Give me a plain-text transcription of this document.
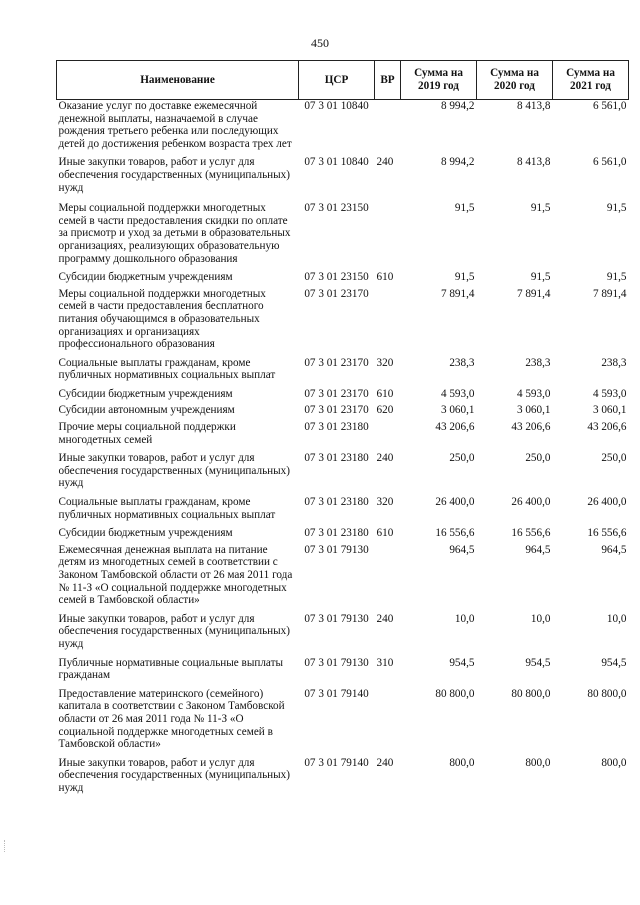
450
Наименование	ЦСР	ВР	Сумма на 2019 год	Сумма на 2020 год	Сумма на 2021 год
Оказание услуг по доставке ежемесячной денежной выплаты, назначаемой в случае рождения третьего ребенка или последующих детей до достижения ребенком возраста трех лет	07 3 01 10840		8 994,2	8 413,8	6 561,0

Иные закупки товаров, работ и услуг для обеспечения государственных (муниципальных) нужд	07 3 01 10840	240	8 994,2	8 413,8	6 561,0

Меры социальной поддержки многодетных семей в части предоставления скидки по оплате за присмотр и уход за детьми в образовательных организациях, реализующих образовательную программу дошкольного образования	07 3 01 23150		91,5	91,5	91,5

Субсидии бюджетным учреждениям	07 3 01 23150	610	91,5	91,5	91,5

Меры социальной поддержки многодетных семей в части предоставления бесплатного питания обучающимся в образовательных организациях и организациях профессионального образования	07 3 01 23170		7 891,4	7 891,4	7 891,4

Социальные выплаты гражданам, кроме публичных нормативных социальных выплат	07 3 01 23170	320	238,3	238,3	238,3

Субсидии бюджетным учреждениям	07 3 01 23170	610	4 593,0	4 593,0	4 593,0

Субсидии автономным учреждениям	07 3 01 23170	620	3 060,1	3 060,1	3 060,1

Прочие меры социальной поддержки многодетных семей	07 3 01 23180		43 206,6	43 206,6	43 206,6

Иные закупки товаров, работ и услуг для обеспечения государственных (муниципальных) нужд	07 3 01 23180	240	250,0	250,0	250,0

Социальные выплаты гражданам, кроме публичных нормативных социальных выплат	07 3 01 23180	320	26 400,0	26 400,0	26 400,0

Субсидии бюджетным учреждениям	07 3 01 23180	610	16 556,6	16 556,6	16 556,6

Ежемесячная денежная выплата на питание детям из многодетных семей в соответствии с Законом Тамбовской области от 26 мая 2011 года № 11-З «О социальной поддержке многодетных семей в Тамбовской области»	07 3 01 79130		964,5	964,5	964,5

Иные закупки товаров, работ и услуг для обеспечения государственных (муниципальных) нужд	07 3 01 79130	240	10,0	10,0	10,0

Публичные нормативные социальные выплаты гражданам	07 3 01 79130	310	954,5	954,5	954,5

Предоставление материнского (семейного) капитала в соответствии с Законом Тамбовской области от 26 мая 2011 года № 11-З «О социальной поддержке многодетных семей в Тамбовской области»	07 3 01 79140		80 800,0	80 800,0	80 800,0

Иные закупки товаров, работ и услуг для обеспечения государственных (муниципальных) нужд	07 3 01 79140	240	800,0	800,0	800,0
